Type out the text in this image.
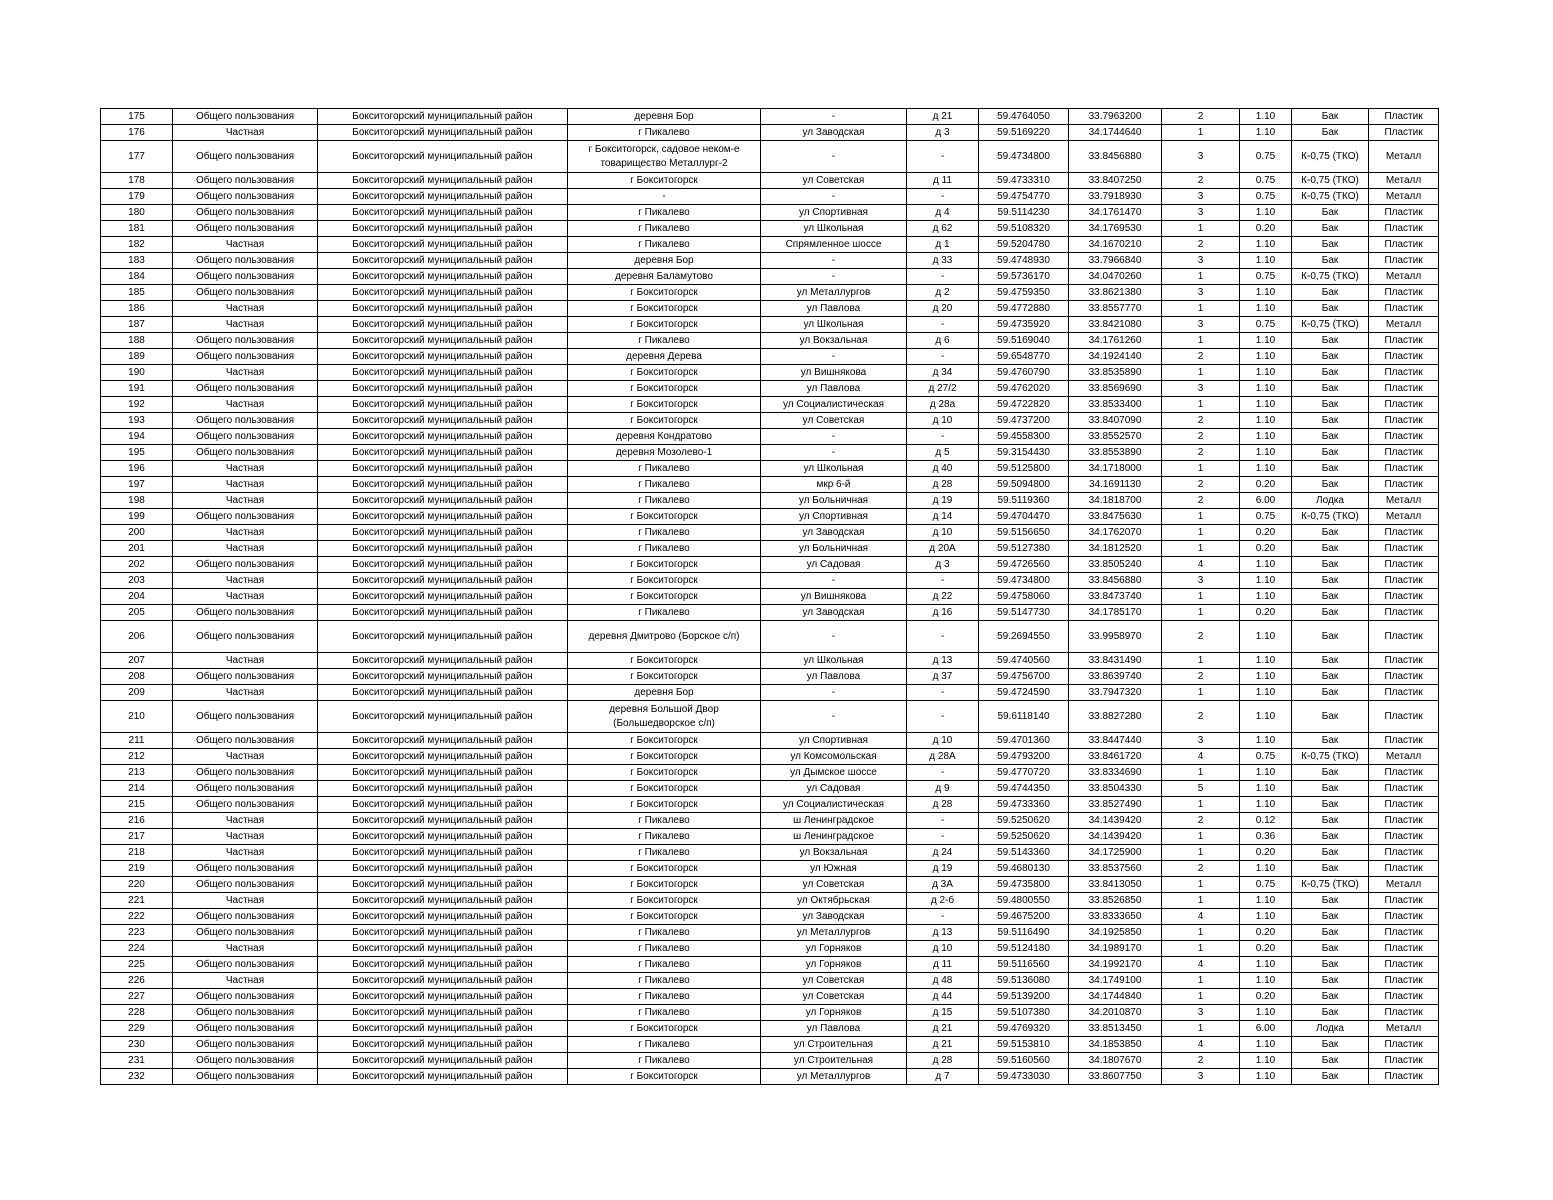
175	Общего пользования	Бокситогорский муниципальный район	деревня Бор	-	д 21	59.4764050	33.7963200	2	1.10	Бак	Пластик
176	Частная	Бокситогорский муниципальный район	г Пикалево	ул Заводская	д 3	59.5169220	34.1744640	1	1.10	Бак	Пластик
177	Общего пользования	Бокситогорский муниципальный район	г Бокситогорск, садовое неком-е товарищество Металлург-2	-	-	59.4734800	33.8456880	3	0.75	К-0,75 (ТКО)	Металл
178	Общего пользования	Бокситогорский муниципальный район	г Бокситогорск	ул Советская	д 11	59.4733310	33.8407250	2	0.75	К-0,75 (ТКО)	Металл
179	Общего пользования	Бокситогорский муниципальный район	-	-	-	59.4754770	33.7918930	3	0.75	К-0,75 (ТКО)	Металл
180	Общего пользования	Бокситогорский муниципальный район	г Пикалево	ул Спортивная	д 4	59.5114230	34.1761470	3	1.10	Бак	Пластик
181	Общего пользования	Бокситогорский муниципальный район	г Пикалево	ул Школьная	д 62	59.5108320	34.1769530	1	0.20	Бак	Пластик
182	Частная	Бокситогорский муниципальный район	г Пикалево	Спрямленное шоссе	д 1	59.5204780	34.1670210	2	1.10	Бак	Пластик
183	Общего пользования	Бокситогорский муниципальный район	деревня Бор	-	д 33	59.4748930	33.7966840	3	1.10	Бак	Пластик
184	Общего пользования	Бокситогорский муниципальный район	деревня Баламутово	-	-	59.5736170	34.0470260	1	0.75	К-0,75 (ТКО)	Металл
185	Общего пользования	Бокситогорский муниципальный район	г Бокситогорск	ул Металлургов	д 2	59.4759350	33.8621380	3	1.10	Бак	Пластик
186	Частная	Бокситогорский муниципальный район	г Бокситогорск	ул Павлова	д 20	59.4772880	33.8557770	1	1.10	Бак	Пластик
187	Частная	Бокситогорский муниципальный район	г Бокситогорск	ул Школьная	-	59.4735920	33.8421080	3	0.75	К-0,75 (ТКО)	Металл
188	Общего пользования	Бокситогорский муниципальный район	г Пикалево	ул Вокзальная	д 6	59.5169040	34.1761260	1	1.10	Бак	Пластик
189	Общего пользования	Бокситогорский муниципальный район	деревня Дерева	-	-	59.6548770	34.1924140	2	1.10	Бак	Пластик
190	Частная	Бокситогорский муниципальный район	г Бокситогорск	ул Вишнякова	д 34	59.4760790	33.8535890	1	1.10	Бак	Пластик
191	Общего пользования	Бокситогорский муниципальный район	г Бокситогорск	ул Павлова	д 27/2	59.4762020	33.8569690	3	1.10	Бак	Пластик
192	Частная	Бокситогорский муниципальный район	г Бокситогорск	ул Социалистическая	д 28а	59.4722820	33.8533400	1	1.10	Бак	Пластик
193	Общего пользования	Бокситогорский муниципальный район	г Бокситогорск	ул Советская	д 10	59.4737200	33.8407090	2	1.10	Бак	Пластик
194	Общего пользования	Бокситогорский муниципальный район	деревня Кондратово	-	-	59.4558300	33.8552570	2	1.10	Бак	Пластик
195	Общего пользования	Бокситогорский муниципальный район	деревня Мозолево-1	-	д 5	59.3154430	33.8553890	2	1.10	Бак	Пластик
196	Частная	Бокситогорский муниципальный район	г Пикалево	ул Школьная	д 40	59.5125800	34.1718000	1	1.10	Бак	Пластик
197	Частная	Бокситогорский муниципальный район	г Пикалево	мкр 6-й	д 28	59.5094800	34.1691130	2	0.20	Бак	Пластик
198	Частная	Бокситогорский муниципальный район	г Пикалево	ул Больничная	д 19	59.5119360	34.1818700	2	6.00	Лодка	Металл
199	Общего пользования	Бокситогорский муниципальный район	г Бокситогорск	ул Спортивная	д 14	59.4704470	33.8475630	1	0.75	К-0,75 (ТКО)	Металл
200	Частная	Бокситогорский муниципальный район	г Пикалево	ул Заводская	д 10	59.5156650	34.1762070	1	0.20	Бак	Пластик
201	Частная	Бокситогорский муниципальный район	г Пикалево	ул Больничная	д 20А	59.5127380	34.1812520	1	0.20	Бак	Пластик
202	Общего пользования	Бокситогорский муниципальный район	г Бокситогорск	ул Садовая	д 3	59.4726560	33.8505240	4	1.10	Бак	Пластик
203	Частная	Бокситогорский муниципальный район	г Бокситогорск	-	-	59.4734800	33.8456880	3	1.10	Бак	Пластик
204	Частная	Бокситогорский муниципальный район	г Бокситогорск	ул Вишнякова	д 22	59.4758060	33.8473740	1	1.10	Бак	Пластик
205	Общего пользования	Бокситогорский муниципальный район	г Пикалево	ул Заводская	д 16	59.5147730	34.1785170	1	0.20	Бак	Пластик
206	Общего пользования	Бокситогорский муниципальный район	деревня Дмитрово (Борское с/п)	-	-	59.2694550	33.9958970	2	1.10	Бак	Пластик
207	Частная	Бокситогорский муниципальный район	г Бокситогорск	ул Школьная	д 13	59.4740560	33.8431490	1	1.10	Бак	Пластик
208	Общего пользования	Бокситогорский муниципальный район	г Бокситогорск	ул Павлова	д 37	59.4756700	33.8639740	2	1.10	Бак	Пластик
209	Частная	Бокситогорский муниципальный район	деревня Бор	-	-	59.4724590	33.7947320	1	1.10	Бак	Пластик
210	Общего пользования	Бокситогорский муниципальный район	деревня Большой Двор (Большедворское с/п)	-	-	59.6118140	33.8827280	2	1.10	Бак	Пластик
211	Общего пользования	Бокситогорский муниципальный район	г Бокситогорск	ул Спортивная	д 10	59.4701360	33.8447440	3	1.10	Бак	Пластик
212	Частная	Бокситогорский муниципальный район	г Бокситогорск	ул Комсомольская	д 28А	59.4793200	33.8461720	4	0.75	К-0,75 (ТКО)	Металл
213	Общего пользования	Бокситогорский муниципальный район	г Бокситогорск	ул Дымское шоссе	-	59.4770720	33.8334690	1	1.10	Бак	Пластик
214	Общего пользования	Бокситогорский муниципальный район	г Бокситогорск	ул Садовая	д 9	59.4744350	33.8504330	5	1.10	Бак	Пластик
215	Общего пользования	Бокситогорский муниципальный район	г Бокситогорск	ул Социалистическая	д 28	59.4733360	33.8527490	1	1.10	Бак	Пластик
216	Частная	Бокситогорский муниципальный район	г Пикалево	ш Ленинградское	-	59.5250620	34.1439420	2	0.12	Бак	Пластик
217	Частная	Бокситогорский муниципальный район	г Пикалево	ш Ленинградское	-	59.5250620	34.1439420	1	0.36	Бак	Пластик
218	Частная	Бокситогорский муниципальный район	г Пикалево	ул Вокзальная	д 24	59.5143360	34.1725900	1	0.20	Бак	Пластик
219	Общего пользования	Бокситогорский муниципальный район	г Бокситогорск	ул Южная	д 19	59.4680130	33.8537560	2	1.10	Бак	Пластик
220	Общего пользования	Бокситогорский муниципальный район	г Бокситогорск	ул Советская	д 3А	59.4735800	33.8413050	1	0.75	К-0,75 (ТКО)	Металл
221	Частная	Бокситогорский муниципальный район	г Бокситогорск	ул Октябрьская	д 2-б	59.4800550	33.8526850	1	1.10	Бак	Пластик
222	Общего пользования	Бокситогорский муниципальный район	г Бокситогорск	ул Заводская	-	59.4675200	33.8333650	4	1.10	Бак	Пластик
223	Общего пользования	Бокситогорский муниципальный район	г Пикалево	ул Металлургов	д 13	59.5116490	34.1925850	1	0.20	Бак	Пластик
224	Частная	Бокситогорский муниципальный район	г Пикалево	ул Горняков	д 10	59.5124180	34.1989170	1	0.20	Бак	Пластик
225	Общего пользования	Бокситогорский муниципальный район	г Пикалево	ул Горняков	д 11	59.5116560	34.1992170	4	1.10	Бак	Пластик
226	Частная	Бокситогорский муниципальный район	г Пикалево	ул Советская	д 48	59.5136080	34.1749100	1	1.10	Бак	Пластик
227	Общего пользования	Бокситогорский муниципальный район	г Пикалево	ул Советская	д 44	59.5139200	34.1744840	1	0.20	Бак	Пластик
228	Общего пользования	Бокситогорский муниципальный район	г Пикалево	ул Горняков	д 15	59.5107380	34.2010870	3	1.10	Бак	Пластик
229	Общего пользования	Бокситогорский муниципальный район	г Бокситогорск	ул Павлова	д 21	59.4769320	33.8513450	1	6.00	Лодка	Металл
230	Общего пользования	Бокситогорский муниципальный район	г Пикалево	ул Строительная	д 21	59.5153810	34.1853850	4	1.10	Бак	Пластик
231	Общего пользования	Бокситогорский муниципальный район	г Пикалево	ул Строительная	д 28	59.5160560	34.1807670	2	1.10	Бак	Пластик
232	Общего пользования	Бокситогорский муниципальный район	г Бокситогорск	ул Металлургов	д 7	59.4733030	33.8607750	3	1.10	Бак	Пластик
